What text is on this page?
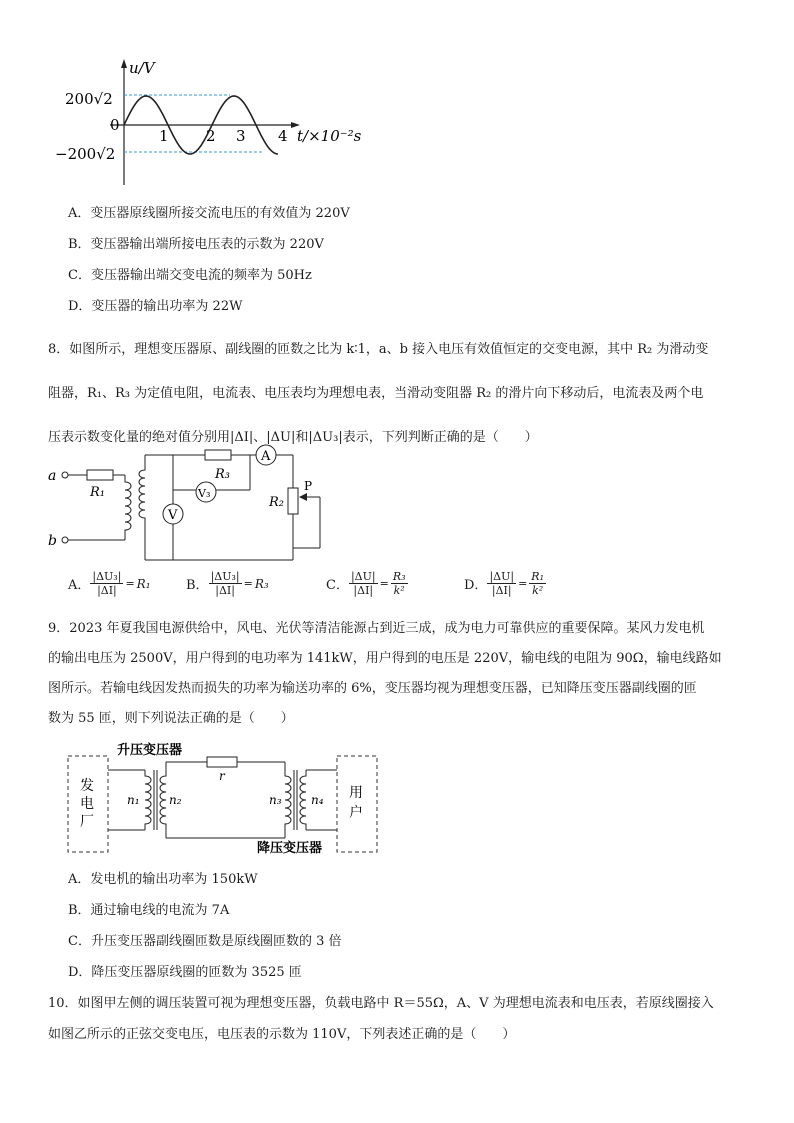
u/V
200√2
−200√2
0
1 2 3 4 t/×10⁻²s
A．变压器原线圈所接交流电压的有效值为 220V
B．变压器输出端所接电压表的示数为 220V
C．变压器输出端交变电流的频率为 50Hz
D．变压器的输出功率为 22W
8．如图所示，理想变压器原、副线圈的匝数之比为 k∶1，a、b 接入电压有效值恒定的交变电源，其中 R₂ 为滑动变
阻器，R₁、R₃ 为定值电阻，电流表、电压表均为理想电表，当滑动变阻器 R₂ 的滑片向下移动后，电流表及两个电
压表示数变化量的绝对值分别用|ΔI|、|ΔU|和|ΔU₃|表示，下列判断正确的是（　　）
a
b
R₁
R₃
A
V
V₃
R₂
P
A． $\frac{\text{|ΔU₃|}}{|\Delta I|} = R_1$	B． $\frac{\text{|ΔU₃|}}{|\Delta I|} = R_3$	C． $\frac{|\Delta U|}{|\Delta I|} = \frac{\text{R₃}}{\text{k²}}$	D． $\frac{|\Delta U|}{|\Delta I|} = \frac{\text{R₁}}{\text{k²}}$
9．2023 年夏我国电源供给中，风电、光伏等清洁能源占到近三成，成为电力可靠供应的重要保障。某风力发电机
的输出电压为 2500V，用户得到的电功率为 141kW，用户得到的电压是 220V，输电线的电阻为 90Ω，输电线路如
图所示。若输电线因发热而损失的功率为输送功率的 6%，变压器均视为理想变压器，已知降压变压器副线圈的匝
数为 55 匝，则下列说法正确的是（　　）
发
电
厂
用
户
升压变压器
降压变压器
n₁ n₂
r
n₃ n₄
A．发电机的输出功率为 150kW
B．通过输电线的电流为 7A
C．升压变压器副线圈匝数是原线圈匝数的 3 倍
D．降压变压器原线圈的匝数为 3525 匝
10．如图甲左侧的调压装置可视为理想变压器，负载电路中 R＝55Ω，A、V 为理想电流表和电压表，若原线圈接入
如图乙所示的正弦交变电压，电压表的示数为 110V，下列表述正确的是（　　）
